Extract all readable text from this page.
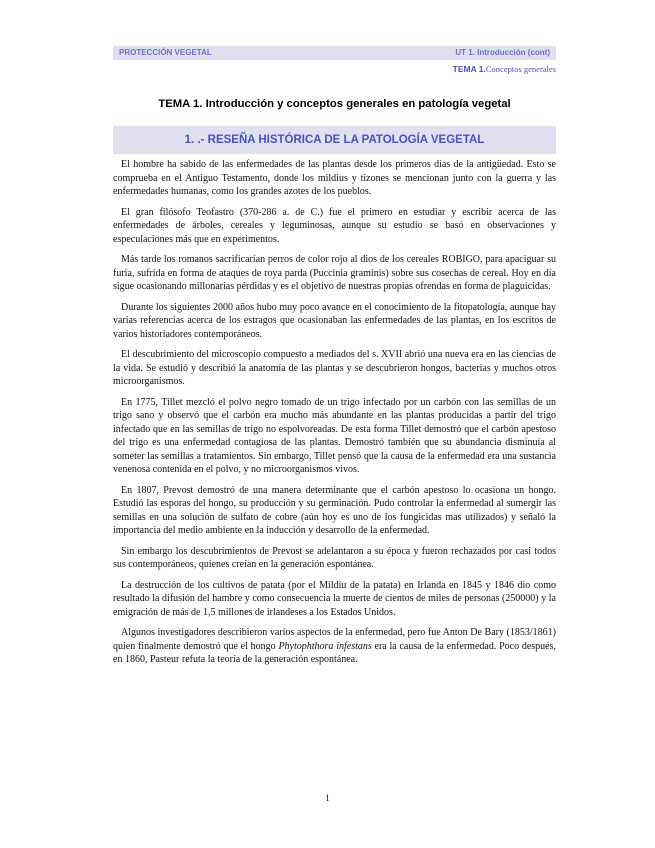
PROTECCIÓN VEGETAL	UT 1. Introducción (cont)
TEMA 1.Conceptos generales
TEMA 1. Introducción y conceptos generales en patología vegetal
1. .- RESEÑA HISTÓRICA DE LA PATOLOGÍA VEGETAL

El hombre ha sabido de las enfermedades de las plantas desde los primeros días de la antigüedad. Esto se comprueba en el Antiguo Testamento, donde los mildius y tizones se mencionan junto con la guerra y las enfermedades humanas, como los grandes azotes de los pueblos.

El gran filósofo Teofastro (370-286 a. de C.) fue el primero en estudiar y escribir acerca de las enfermedades de árboles, cereales y leguminosas, aunque su estudio se basó en observaciones y especulaciones más que en experimentos.

Más tarde los romanos sacrificarían perros de color rojo al dios de los cereales ROBIGO, para apaciguar su furia, sufrida en forma de ataques de roya parda (Puccinia graminis) sobre sus cosechas de cereal. Hoy en día sigue ocasionando millonarias pérdidas y es el objetivo de nuestras propias ofrendas en forma de plaguicidas.

Durante los siguientes 2000 años hubo muy poco avance en el conocimiento de la fitopatología, aunque hay varias referencias acerca de los estragos que ocasionaban las enfermedades de las plantas, en los escritos de varios historiadores contemporáneos.

El descubrimiento del microscopio compuesto a mediados del s. XVII abrió una nueva era en las ciencias de la vida. Se estudió y describió la anatomía de las plantas y se descubrieron hongos, bacterias y muchos otros microorganismos.

En 1775, Tillet mezcló el polvo negro tomado de un trigo infectado por un carbón con las semillas de un trigo sano y observó que el carbón era mucho más abundante en las plantas producidas a partir del trigo infectado que en las semillas de trigo no espolvoreadas. De esta forma Tillet demostró que el carbón apestoso del trigo es una enfermedad contagiosa de las plantas. Demostró también que su abundancia disminuía al someter las semillas a tratamientos. Sin embargo, Tillet pensó que la causa de la enfermedad era una sustancia venenosa contenida en el polvo, y no microorganismos vivos.

En 1807, Prevost demostró de una manera determinante que el carbón apestoso lo ocasiona un hongo. Estudió las esporas del hongo, su producción y su germinación. Pudo controlar la enfermedad al sumergir las semillas en una solución de sulfato de cobre (aún hoy es uno de los fungicidas mas utilizados) y señaló la importancia del medio ambiente en la inducción y desarrollo de la enfermedad.

Sin embargo los descubrimientos de Prevost se adelantaron a su época y fueron rechazados por casi todos sus contemporáneos, quienes creían en la generación espontánea.

La destrucción de los cultivos de patata (por el Mildiu de la patata) en Irlanda en 1845 y 1846 dio como resultado la difusión del hambre y como consecuencia la muerte de cientos de miles de personas (250000) y la emigración de más de 1,5 millones de irlandeses a los Estados Unidos.

Algunos investigadores describieron varios aspectos de la enfermedad, pero fue Anton De Bary (1853/1861) quien finalmente demostró que el hongo Phytophthora infestans era la causa de la enfermedad. Poco después, en 1860, Pasteur refuta la teoría de la generación espontánea.

1
